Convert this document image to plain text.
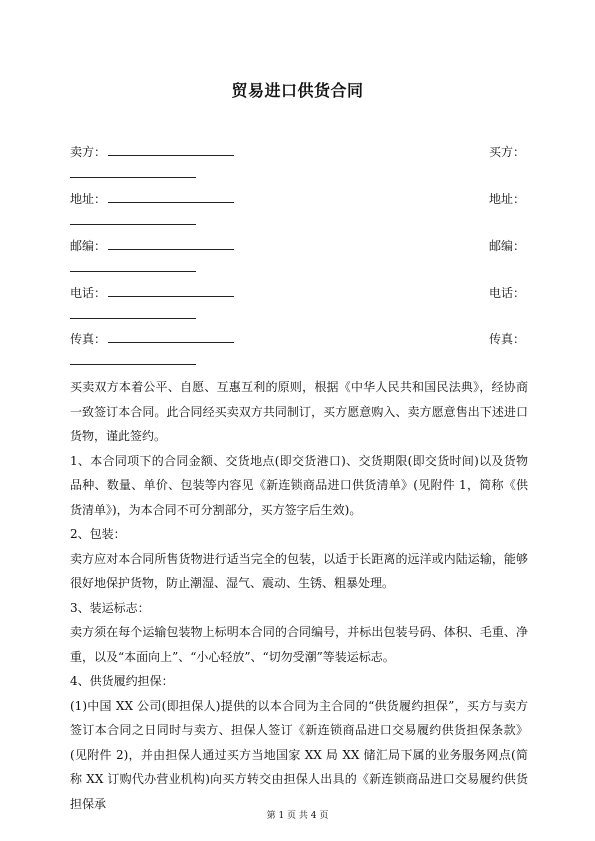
贸易进口供货合同
卖方：	买方：
地址：	地址：
邮编：	邮编：
电话：	电话：
传真：	传真：

买卖双方本着公平、自愿、互惠互利的原则，根据《中华人民共和国民法典》，经协商一致签订本合同。此合同经买卖双方共同制订，买方愿意购入、卖方愿意售出下述进口货物，谨此签约。

1、本合同项下的合同金额、交货地点(即交货港口)、交货期限(即交货时间)以及货物品种、数量、单价、包装等内容见《新连锁商品进口供货清单》(见附件 1，简称《供货清单》)，为本合同不可分割部分，买方签字后生效)。

2、包装：

卖方应对本合同所售货物进行适当完全的包装，以适于长距离的远洋或内陆运输，能够很好地保护货物，防止潮湿、湿气、震动、生锈、粗暴处理。

3、装运标志：

卖方须在每个运输包装物上标明本合同的合同编号，并标出包装号码、体积、毛重、净重，以及“本面向上”、“小心轻放”、“切勿受潮”等装运标志。

4、供货履约担保：

(1)中国 XX 公司(即担保人)提供的以本合同为主合同的“供货履约担保”，买方与卖方签订本合同之日同时与卖方、担保人签订《新连锁商品进口交易履约供货担保条款》(见附件 2)，并由担保人通过买方当地国家 XX 局 XX 储汇局下属的业务服务网点(简称 XX 订购代办营业机构)向买方转交由担保人出具的《新连锁商品进口交易履约供货担保承

第 1 页 共 4 页
